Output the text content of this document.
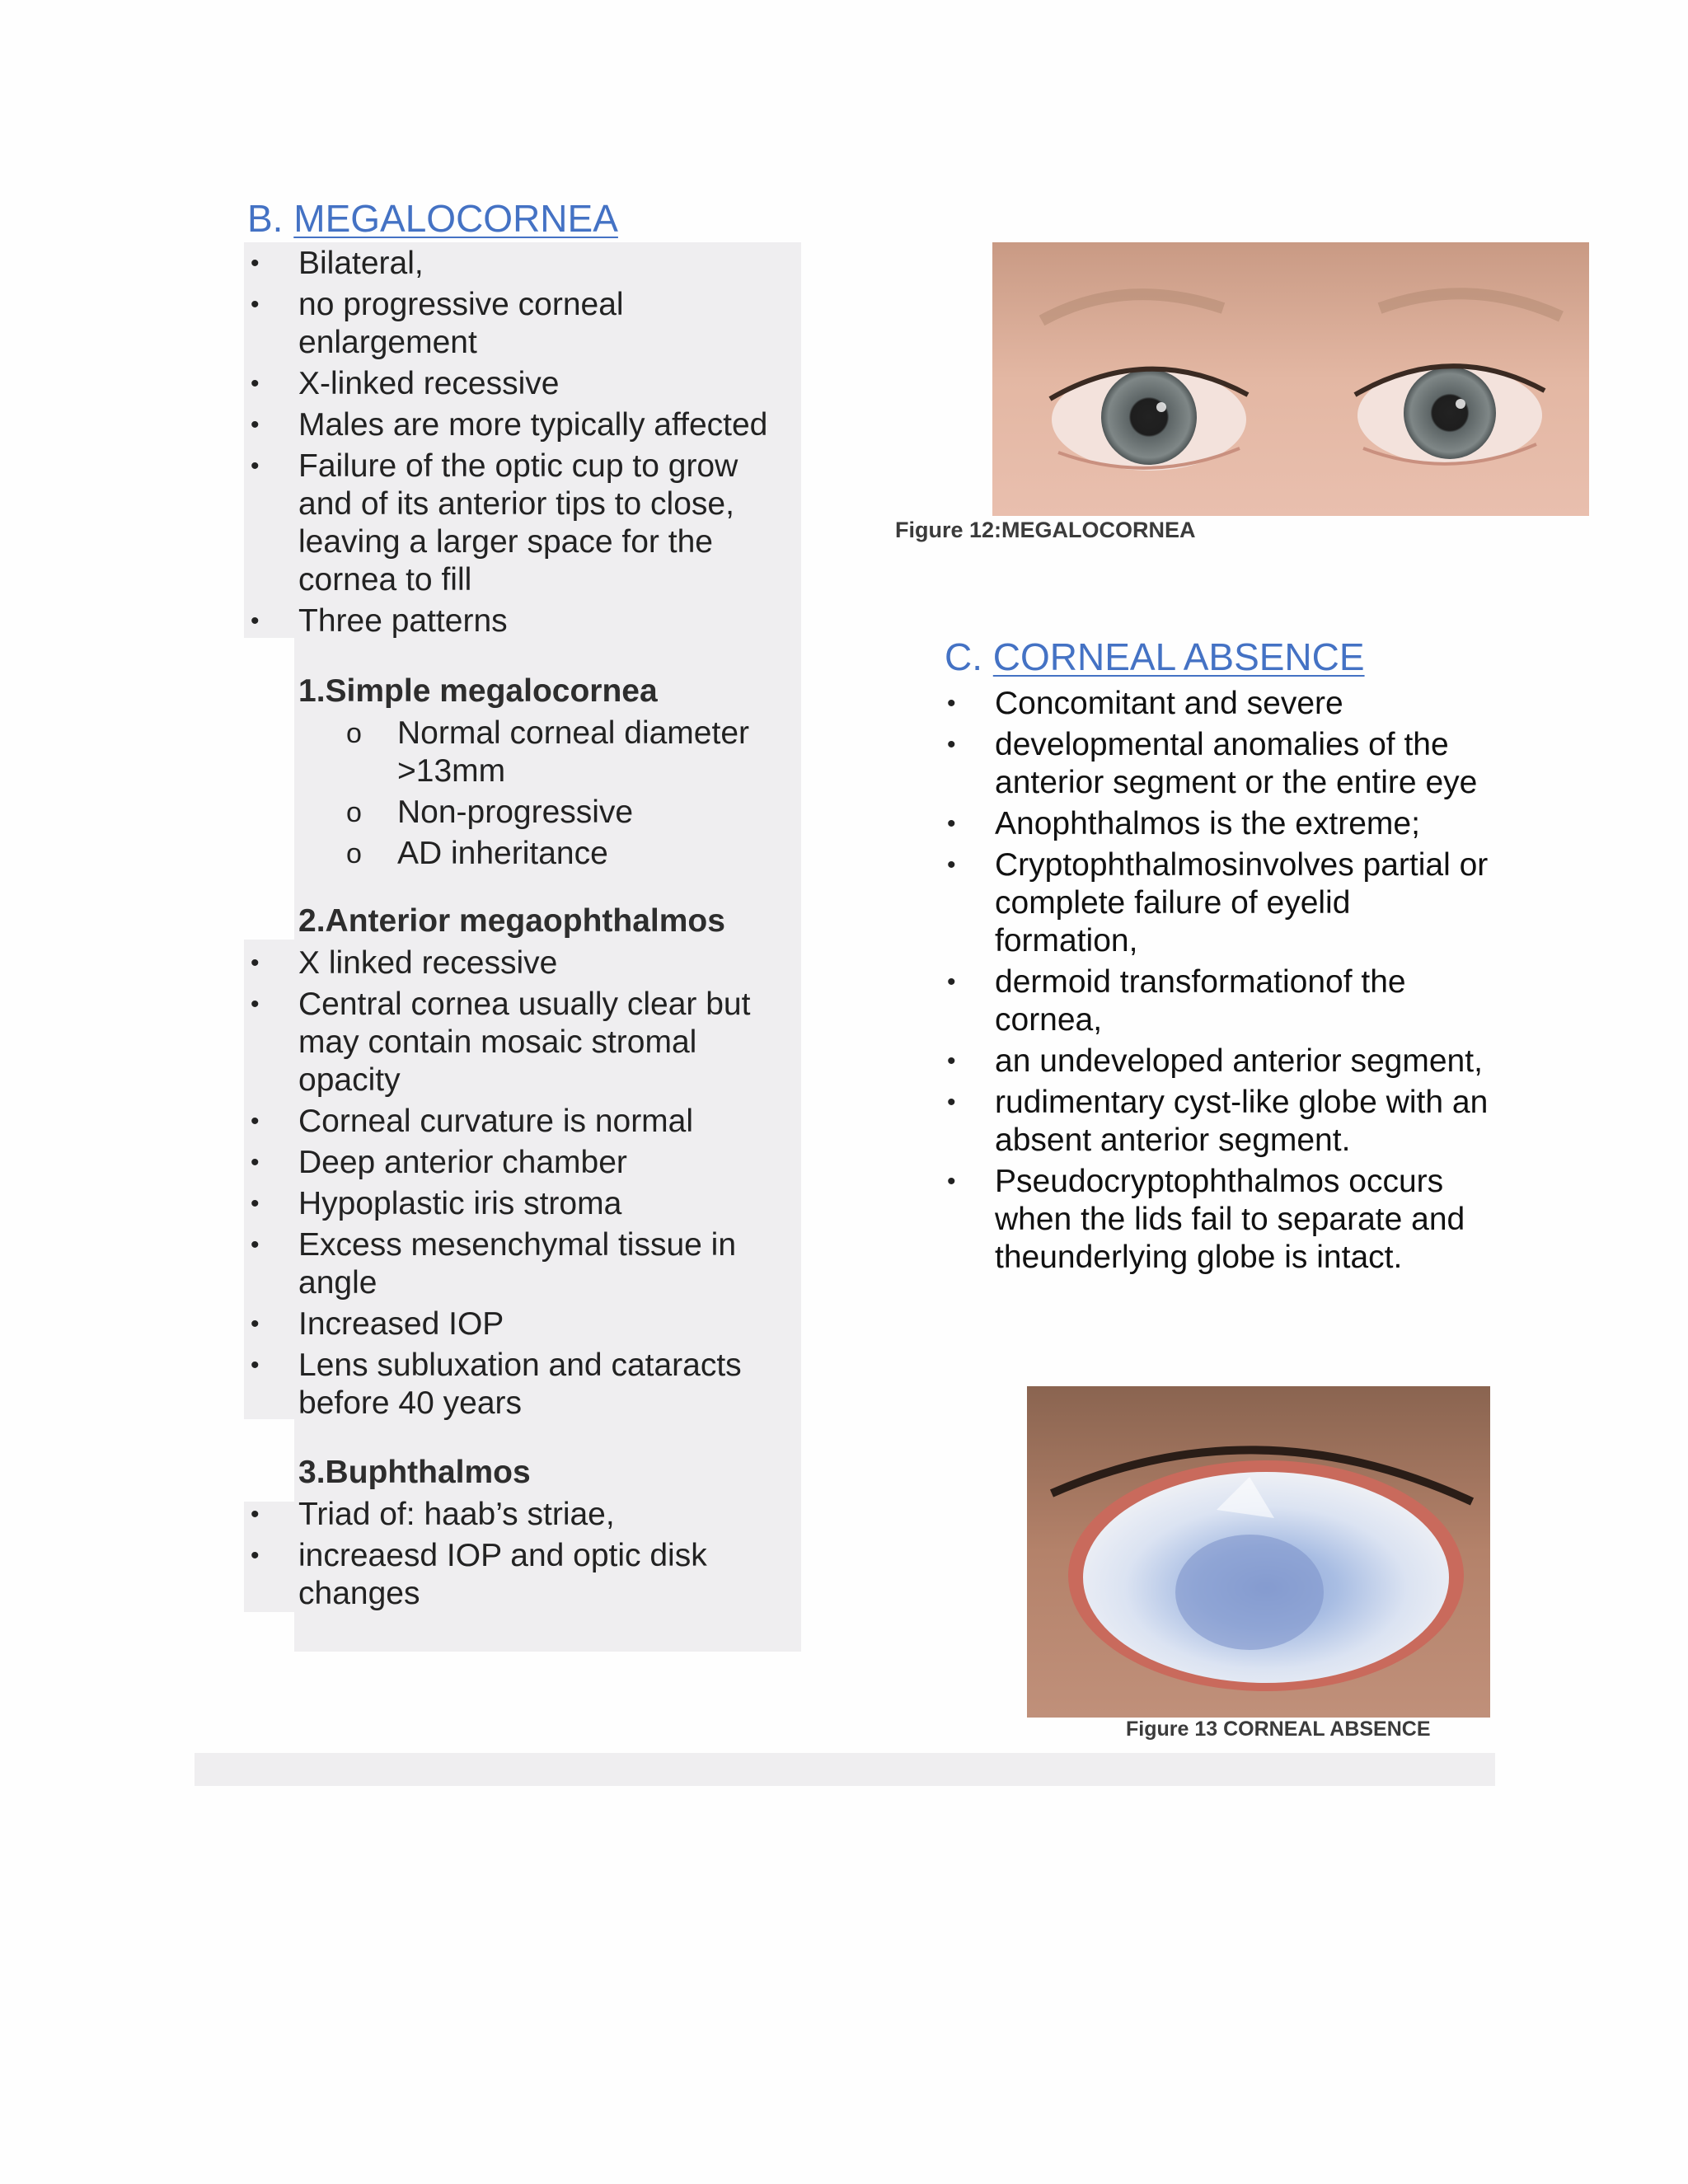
B. MEGALOCORNEA
• Bilateral,
• no progressive corneal enlargement
• X-linked recessive
• Males are more typically affected
• Failure of the optic cup to grow and of its anterior tips to close, leaving a larger space for the cornea to fill
• Three patterns
1.Simple megalocornea
o Normal corneal diameter >13mm
o Non-progressive
o AD inheritance
2.Anterior megaophthalmos
• X linked recessive
• Central cornea usually clear but may contain mosaic stromal opacity
• Corneal curvature is normal
• Deep anterior chamber
• Hypoplastic iris stroma
• Excess mesenchymal tissue in angle
• Increased IOP
• Lens subluxation and cataracts before 40 years
3.Buphthalmos
• Triad of: haab’s striae,
• increaesd IOP and optic disk changes
Figure 12:MEGALOCORNEA
C. CORNEAL ABSENCE
• Concomitant and severe
• developmental anomalies of the anterior segment or the entire eye
• Anophthalmos is the extreme;
• Cryptophthalmosinvolves partial or complete failure of eyelid formation,
• dermoid transformationof the cornea,
• an undeveloped anterior segment,
• rudimentary cyst-like globe with an absent anterior segment.
• Pseudocryptophthalmos occurs when the lids fail to separate and theunderlying globe is intact.
Figure 13 CORNEAL ABSENCE
